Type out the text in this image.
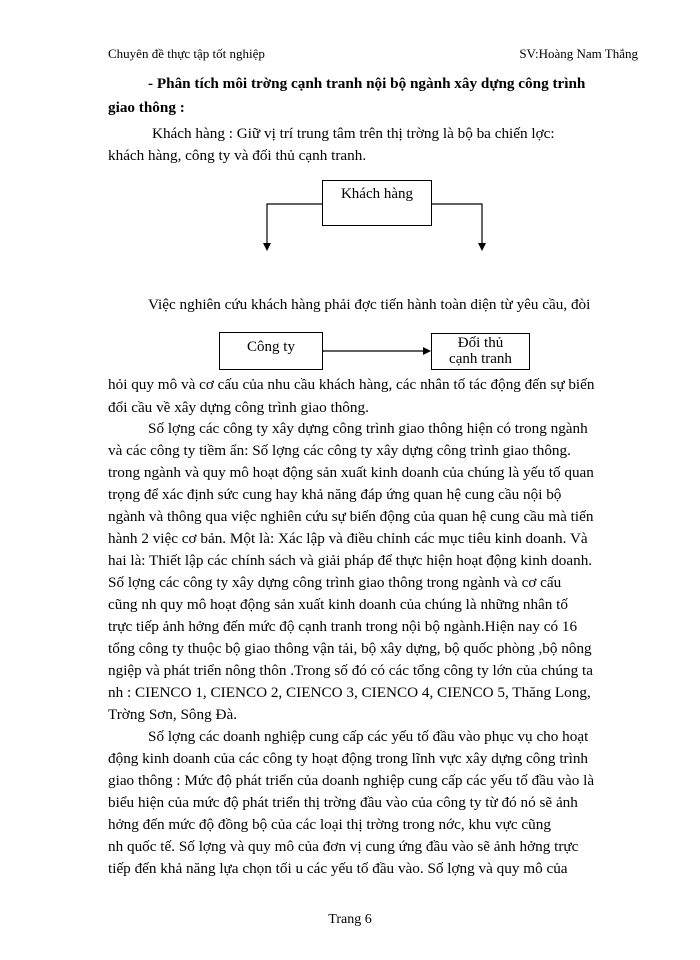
Chuyên đề thực tập tốt nghiệp	SV:Hoàng Nam Thắng
- Phân tích môi trờng cạnh tranh nội bộ ngành xây dựng công trình
giao thông :
Khách hàng : Giữ vị trí trung tâm trên thị trờng là bộ ba chiến lợc:
khách hàng, công ty và đối thủ cạnh tranh.
Khách hàng
Việc nghiên cứu khách hàng phải đợc tiến hành toàn diện từ yêu cầu, đòi
Công ty	Đối thủ
cạnh tranh
hỏi quy mô và cơ cấu của nhu cầu khách hàng, các nhân tố tác động đến sự biến
đổi cầu về xây dựng công trình giao thông.
Số lợng các công ty xây dựng công trình giao thông hiện có trong ngành
và các công ty tiềm ẩn: Số lợng các công ty xây dựng công trình giao thông.
trong ngành và quy mô hoạt động sản xuất kinh doanh của chúng là yếu tố quan
trọng để xác định sức cung hay khả năng đáp ứng quan hệ cung cầu nội bộ
ngành và thông qua việc nghiên cứu sự biến động của quan hệ cung cầu mà tiến
hành 2 việc cơ bản. Một là: Xác lập và điều chỉnh các mục tiêu kinh doanh. Và
hai là: Thiết lập các chính sách và giải pháp để thực hiện hoạt động kinh doanh.
Số lợng các công ty xây dựng công trình giao thông trong ngành và cơ cấu
cũng nh quy mô hoạt động sản xuất kinh doanh của chúng là những nhân tố
trực tiếp ảnh hởng đến mức độ cạnh tranh trong nội bộ ngành.Hiện nay có 16
tổng công ty thuộc bộ giao thông vận tải, bộ xây dựng, bộ quốc phòng ,bộ nông
ngiệp và phát triển nông thôn .Trong số đó có các tổng công ty lớn của chúng ta
nh : CIENCO 1, CIENCO 2, CIENCO 3, CIENCO 4, CIENCO 5, Thăng Long,
Trờng Sơn, Sông Đà.
Số lợng các doanh nghiệp cung cấp các yếu tố đầu vào phục vụ cho hoạt
động kinh doanh của các công ty hoạt động trong lĩnh vực xây dựng công trình
giao thông : Mức độ phát triển của doanh nghiệp cung cấp các yếu tố đầu vào là
biểu hiện của mức độ phát triển thị trờng đầu vào của công ty từ đó nó sẽ ảnh
hởng đến mức độ đồng bộ của các loại thị trờng trong nớc, khu vực cũng
nh quốc tế. Số lợng và quy mô của đơn vị cung ứng đầu vào sẽ ảnh hởng trực
tiếp đến khả năng lựa chọn tối u các yếu tố đầu vào. Số lợng và quy mô của
Trang 6
